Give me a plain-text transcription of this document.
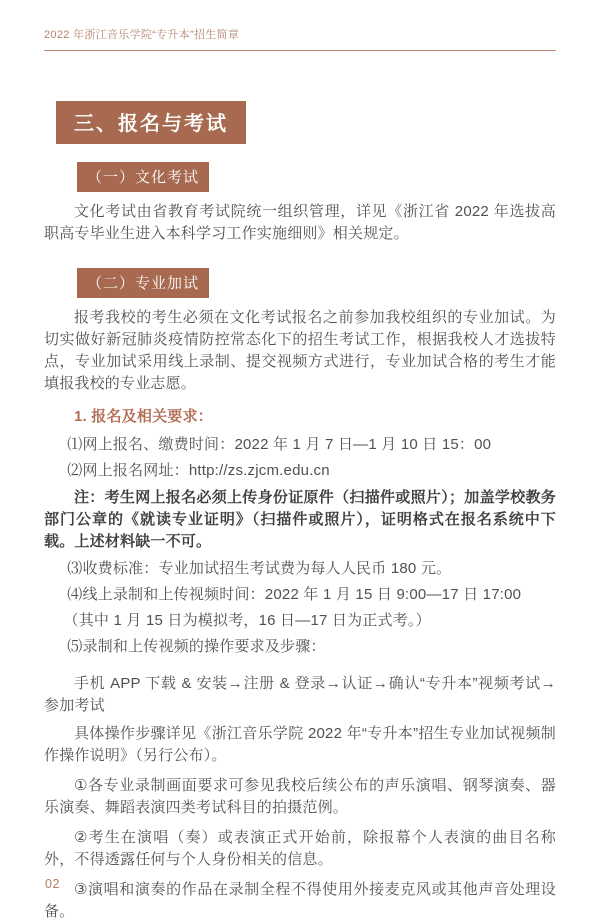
2022 年浙江音乐学院“专升本”招生简章
三、报名与考试
（一）文化考试

文化考试由省教育考试院统一组织管理，详见《浙江省 2022 年选拔高职高专毕业生进入本科学习工作实施细则》相关规定。

（二）专业加试

报考我校的考生必须在文化考试报名之前参加我校组织的专业加试。为切实做好新冠肺炎疫情防控常态化下的招生考试工作，根据我校人才选拔特点，专业加试采用线上录制、提交视频方式进行，专业加试合格的考生才能填报我校的专业志愿。

1. 报名及相关要求：

⑴网上报名、缴费时间：2022 年 1 月 7 日—1 月 10 日 15：00

⑵网上报名网址：http://zs.zjcm.edu.cn

注：考生网上报名必须上传身份证原件（扫描件或照片）；加盖学校教务部门公章的《就读专业证明》（扫描件或照片），证明格式在报名系统中下载。上述材料缺一不可。

⑶收费标准：专业加试招生考试费为每人人民币 180 元。

⑷线上录制和上传视频时间：2022 年 1 月 15 日 9:00—17 日 17:00

（其中 1 月 15 日为模拟考，16 日—17 日为正式考。）

⑸录制和上传视频的操作要求及步骤：

手机 APP 下载 & 安装→注册 & 登录→认证→确认“专升本”视频考试→参加考试

具体操作步骤详见《浙江音乐学院 2022 年“专升本”招生专业加试视频制作操作说明》（另行公布）。

①各专业录制画面要求可参见我校后续公布的声乐演唱、钢琴演奏、器乐演奏、舞蹈表演四类考试科目的拍摄范例。

②考生在演唱（奏）或表演正式开始前，除报幕个人表演的曲目名称外，不得透露任何与个人身份相关的信息。

③演唱和演奏的作品在录制全程不得使用外接麦克风或其他声音处理设备。

02
